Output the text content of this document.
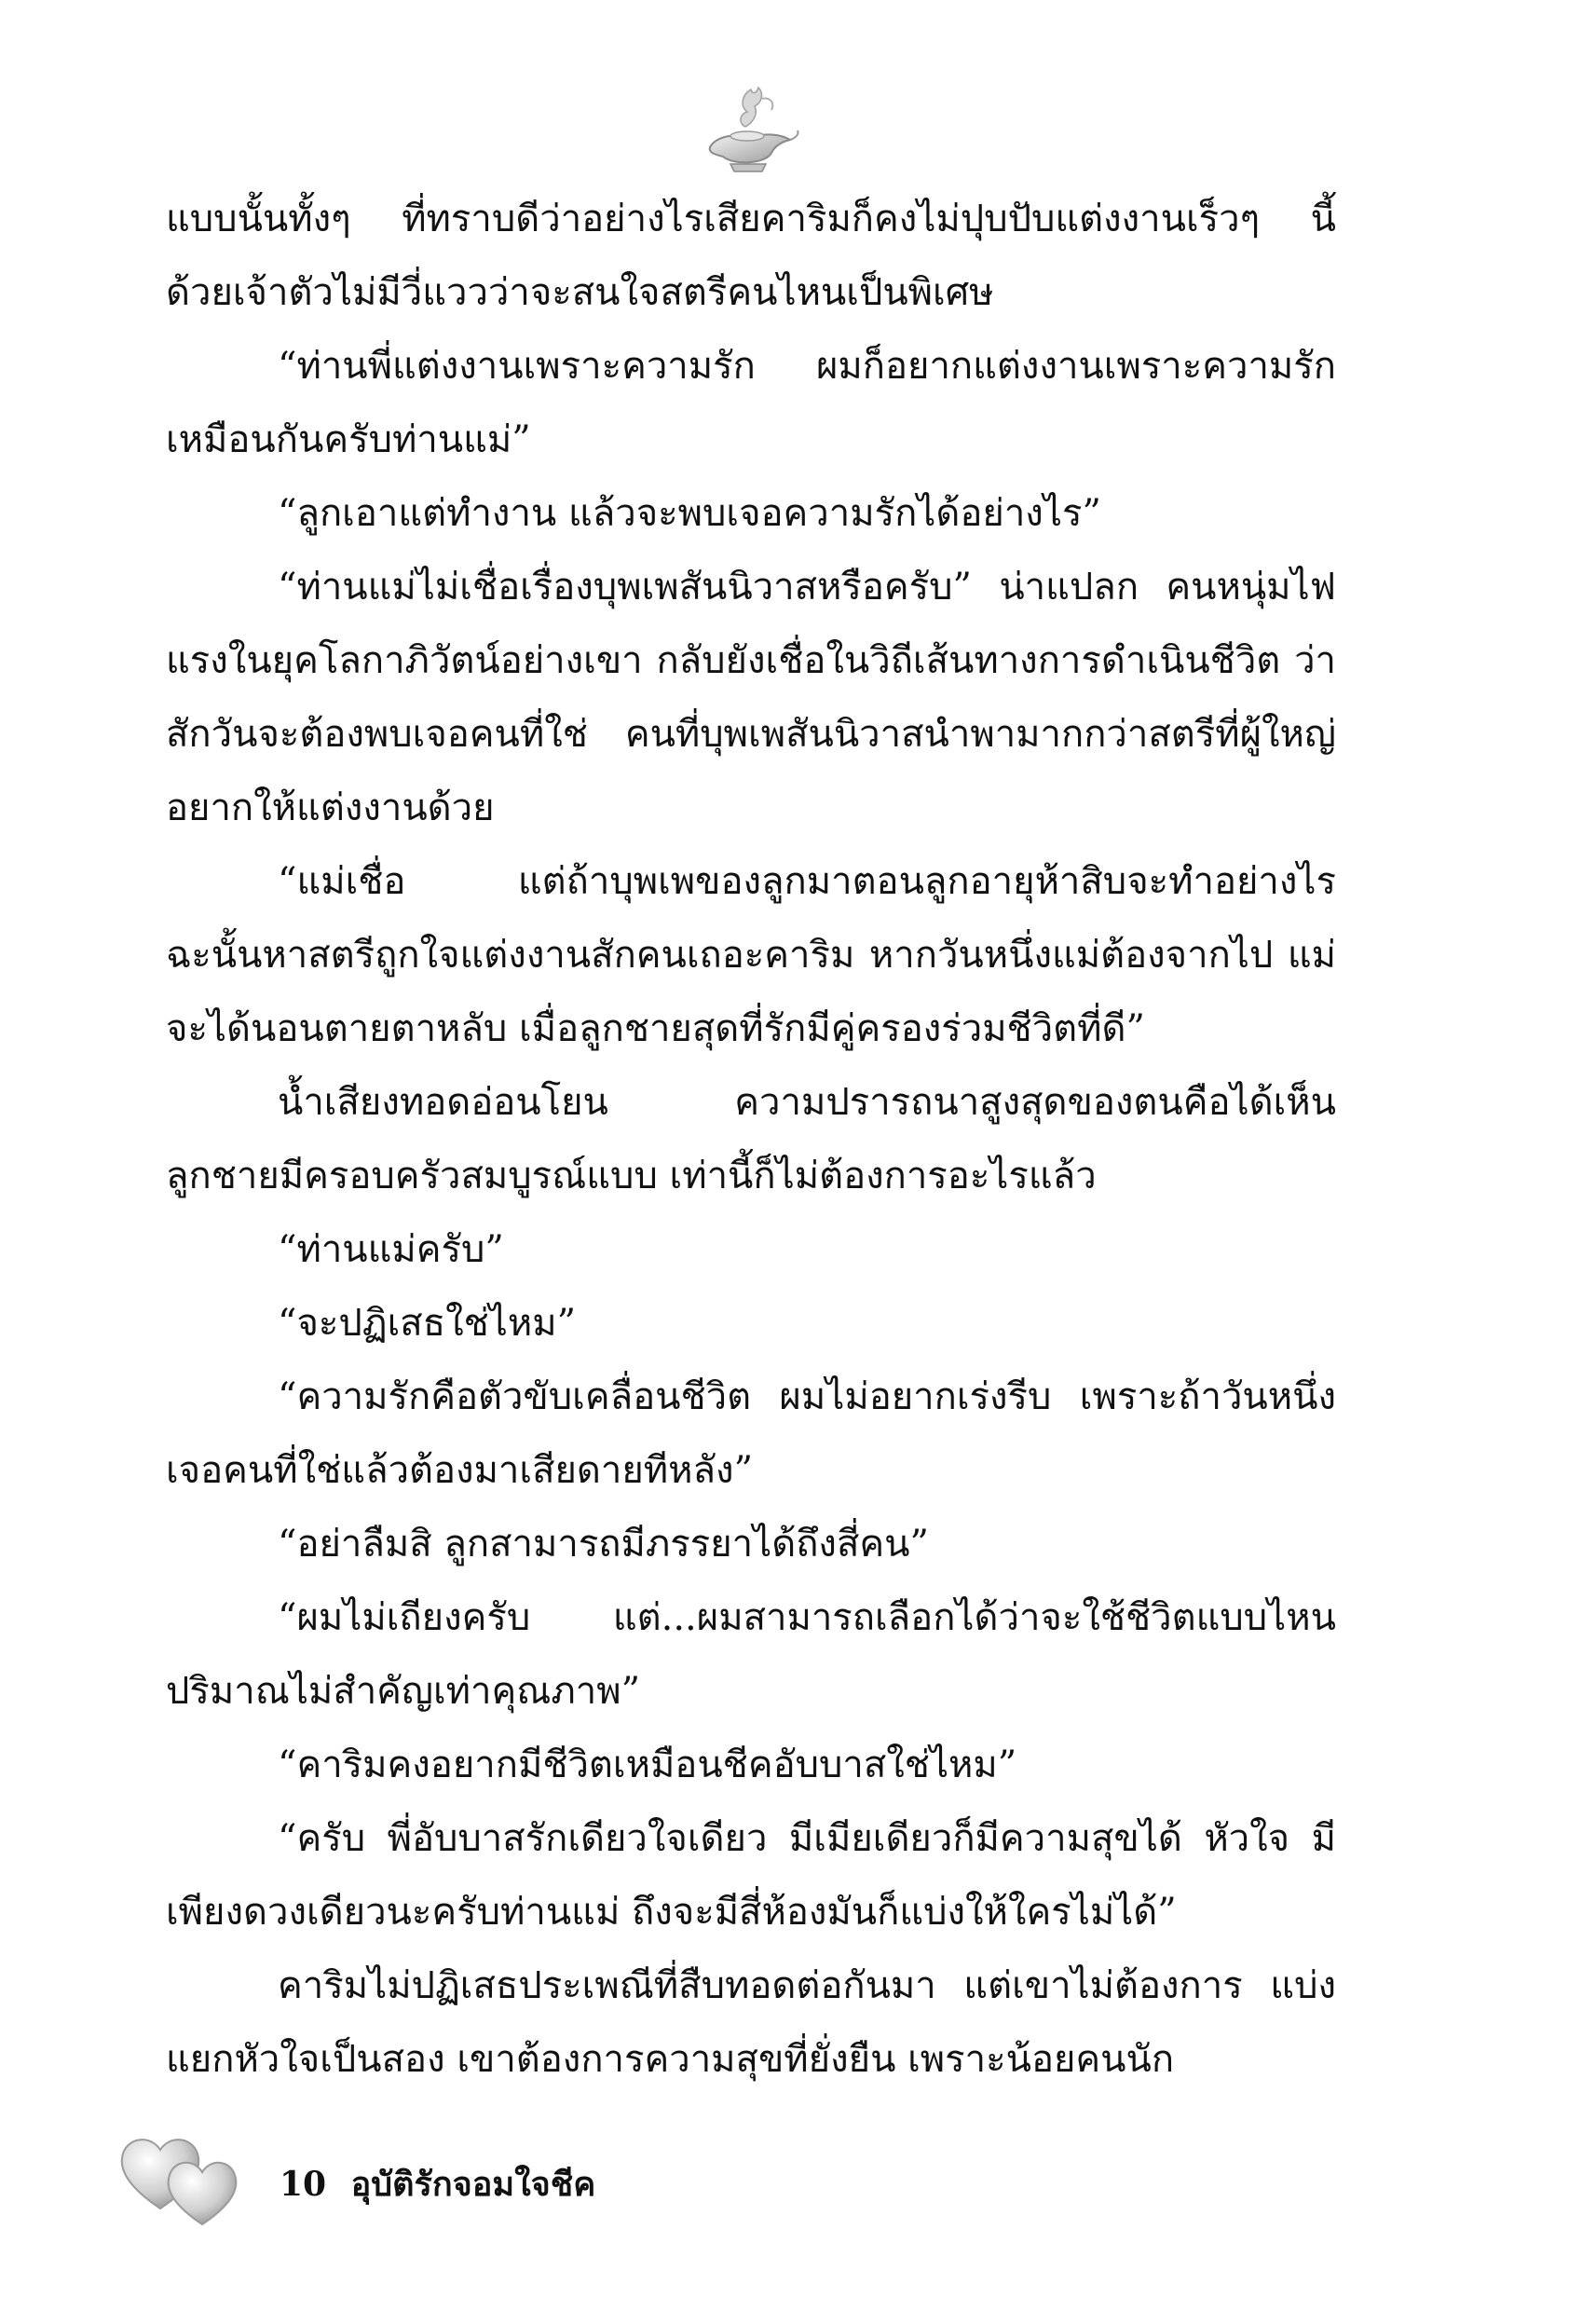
แบบนั้นทั้งๆ ที่ทราบดีว่าอย่างไรเสียคาริมก็คงไม่ปุบปับแต่งงานเร็วๆ นี้ ด้วยเจ้าตัวไม่มีวี่แววว่าจะสนใจสตรีคนไหนเป็นพิเศษ

“ท่านพี่แต่งงานเพราะความรัก ผมก็อยากแต่งงานเพราะความรัก เหมือนกันครับท่านแม่”

“ลูกเอาแต่ทำงาน แล้วจะพบเจอความรักได้อย่างไร”

“ท่านแม่ไม่เชื่อเรื่องบุพเพสันนิวาสหรือครับ” น่าแปลก คนหนุ่มไฟแรงในยุคโลกาภิวัตน์อย่างเขา กลับยังเชื่อในวิถีเส้นทางการดำเนินชีวิต ว่าสักวันจะต้องพบเจอคนที่ใช่ คนที่บุพเพสันนิวาสนำพามากกว่าสตรีที่ผู้ใหญ่อยากให้แต่งงานด้วย

“แม่เชื่อ แต่ถ้าบุพเพของลูกมาตอนลูกอายุห้าสิบจะทำอย่างไร ฉะนั้นหาสตรีถูกใจแต่งงานสักคนเถอะคาริม หากวันหนึ่งแม่ต้องจากไป แม่จะได้นอนตายตาหลับ เมื่อลูกชายสุดที่รักมีคู่ครองร่วมชีวิตที่ดี”

น้ำเสียงทอดอ่อนโยน ความปรารถนาสูงสุดของตนคือได้เห็น ลูกชายมีครอบครัวสมบูรณ์แบบ เท่านี้ก็ไม่ต้องการอะไรแล้ว

“ท่านแม่ครับ”

“จะปฏิเสธใช่ไหม”

“ความรักคือตัวขับเคลื่อนชีวิต ผมไม่อยากเร่งรีบ เพราะถ้าวันหนึ่ง เจอคนที่ใช่แล้วต้องมาเสียดายทีหลัง”

“อย่าลืมสิ ลูกสามารถมีภรรยาได้ถึงสี่คน”

“ผมไม่เถียงครับ แต่...ผมสามารถเลือกได้ว่าจะใช้ชีวิตแบบไหน ปริมาณไม่สำคัญเท่าคุณภาพ”

“คาริมคงอยากมีชีวิตเหมือนชีคอับบาสใช่ไหม”

“ครับ พี่อับบาสรักเดียวใจเดียว มีเมียเดียวก็มีความสุขได้ หัวใจ มีเพียงดวงเดียวนะครับท่านแม่ ถึงจะมีสี่ห้องมันก็แบ่งให้ใครไม่ได้”

คาริมไม่ปฏิเสธประเพณีที่สืบทอดต่อกันมา แต่เขาไม่ต้องการ แบ่งแยกหัวใจเป็นสอง เขาต้องการความสุขที่ยั่งยืน เพราะน้อยคนนัก

10 อุบัติรักจอมใจชีค
